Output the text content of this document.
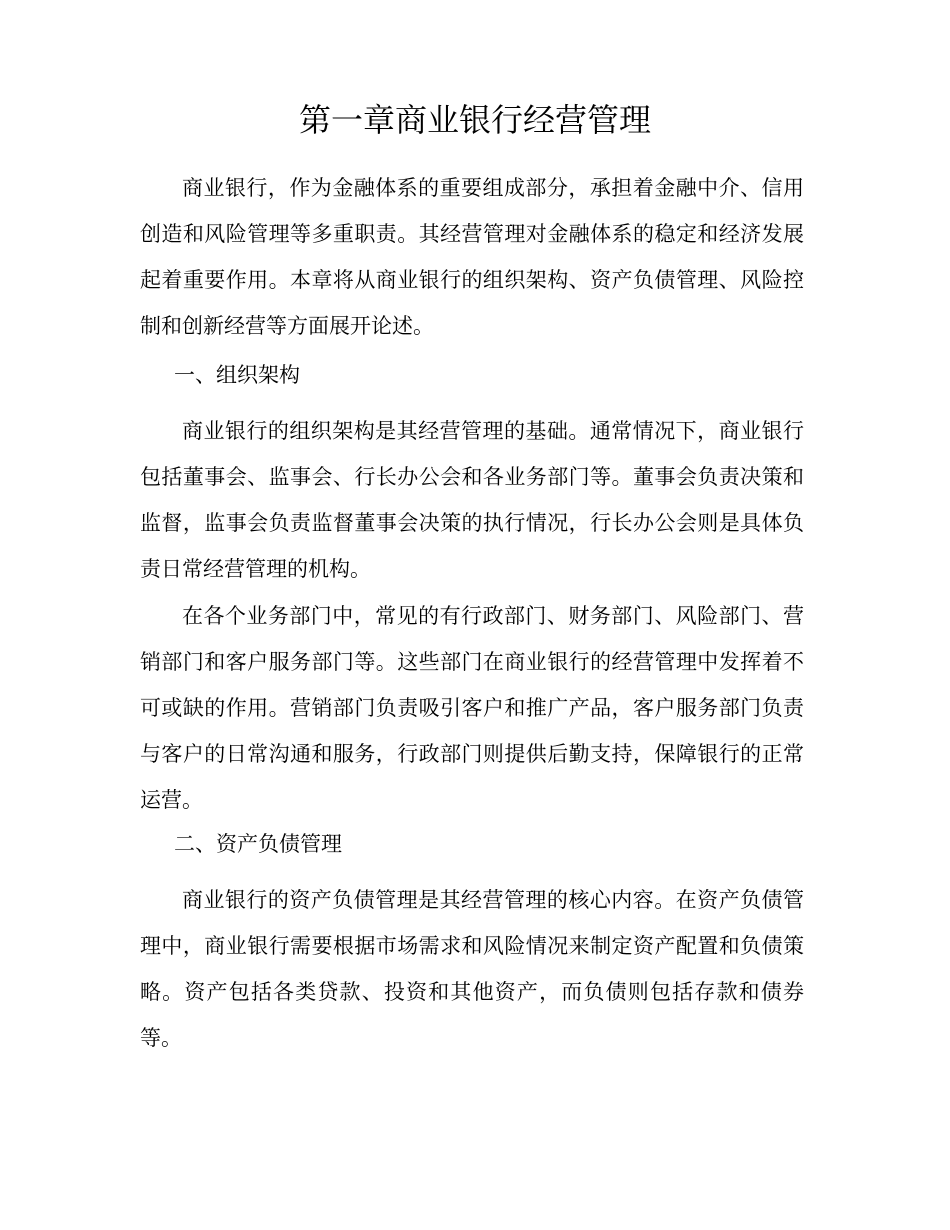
第一章商业银行经营管理

商业银行，作为金融体系的重要组成部分，承担着金融中介、信用创造和风险管理等多重职责。其经营管理对金融体系的稳定和经济发展起着重要作用。本章将从商业银行的组织架构、资产负债管理、风险控制和创新经营等方面展开论述。

一、组织架构

商业银行的组织架构是其经营管理的基础。通常情况下，商业银行包括董事会、监事会、行长办公会和各业务部门等。董事会负责决策和监督，监事会负责监督董事会决策的执行情况，行长办公会则是具体负责日常经营管理的机构。

在各个业务部门中，常见的有行政部门、财务部门、风险部门、营销部门和客户服务部门等。这些部门在商业银行的经营管理中发挥着不可或缺的作用。营销部门负责吸引客户和推广产品，客户服务部门负责与客户的日常沟通和服务，行政部门则提供后勤支持，保障银行的正常运营。

二、资产负债管理

商业银行的资产负债管理是其经营管理的核心内容。在资产负债管理中，商业银行需要根据市场需求和风险情况来制定资产配置和负债策略。资产包括各类贷款、投资和其他资产，而负债则包括存款和债券等。
